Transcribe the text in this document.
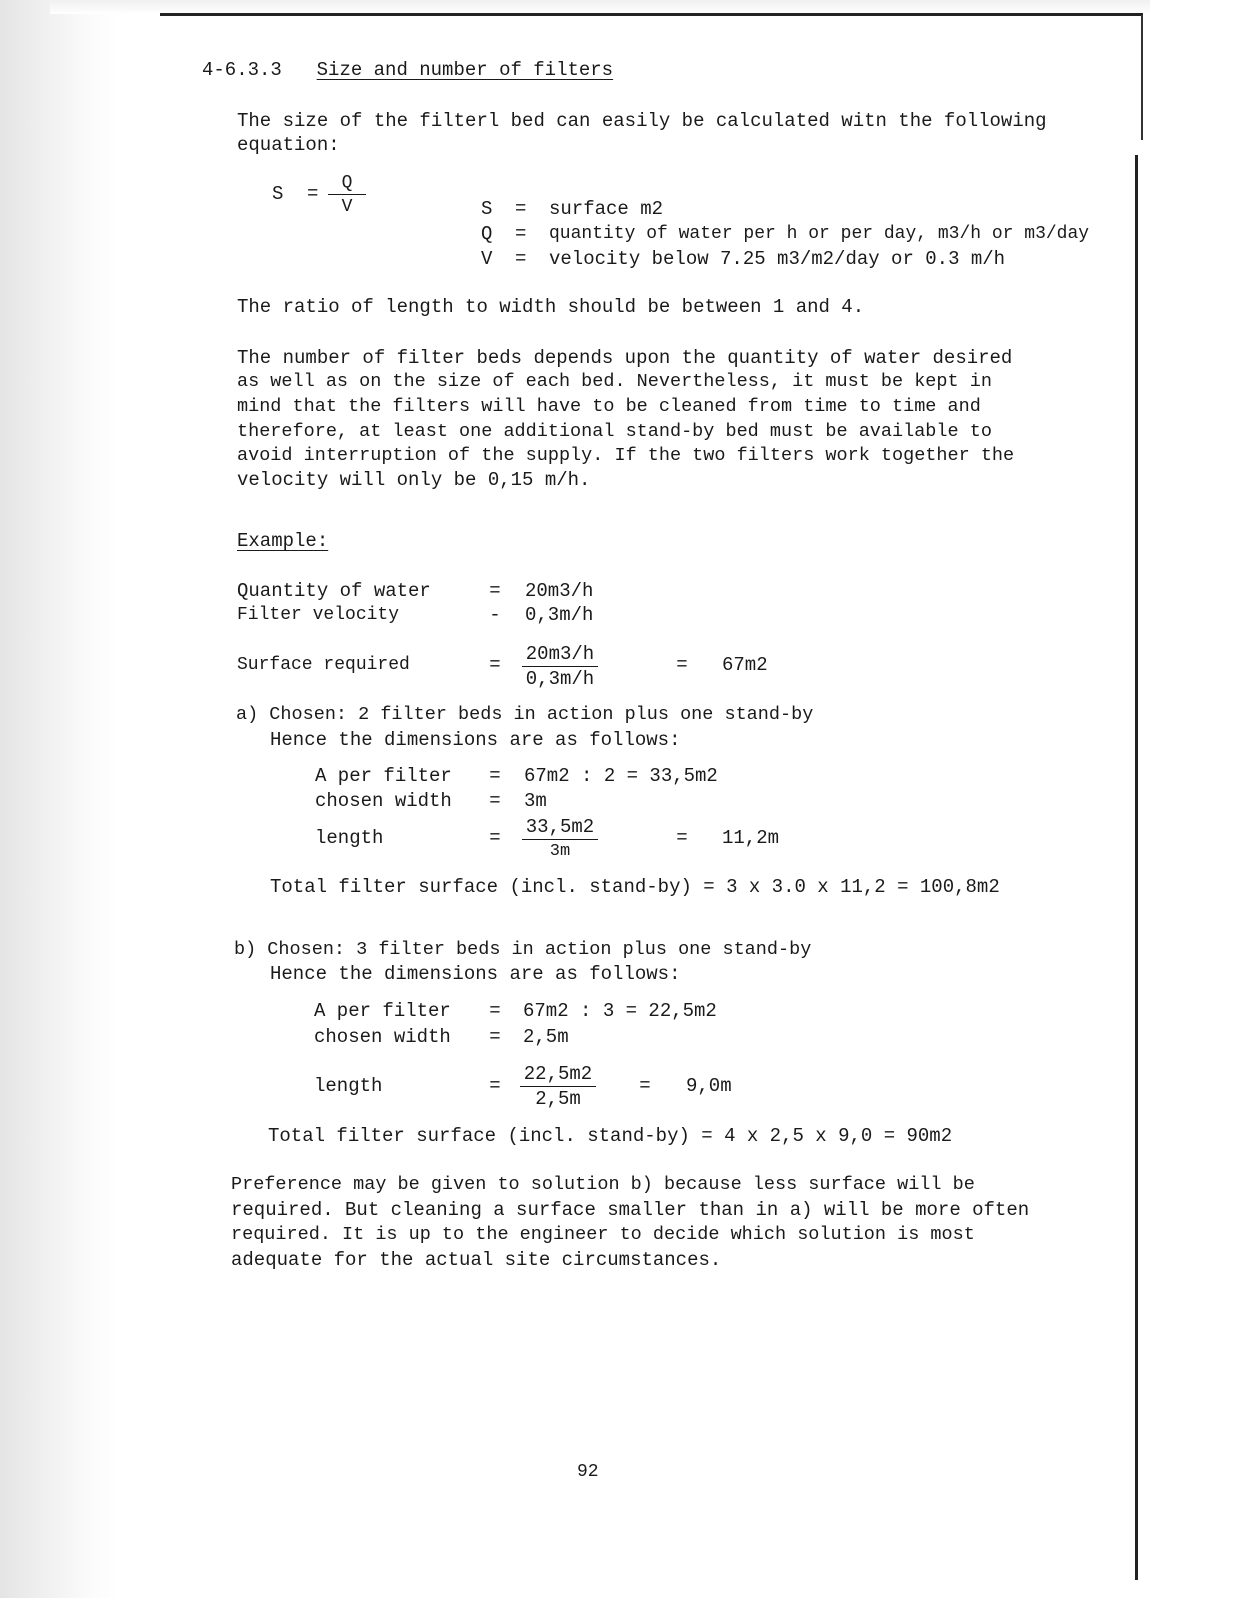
4-6.3.3 Size and number of filters
The size of the filterl bed can easily be calculated witn the following
equation:
$S = \frac{Q}{V}$	S = surface m2
Q = quantity of water per h or per day, m3/h or m3/day
V = velocity below 7.25 m3/m2/day or 0.3 m/h
The ratio of length to width should be between 1 and 4.
The number of filter beds depends upon the quantity of water desired
as well as on the size of each bed. Nevertheless, it must be kept in
mind that the filters will have to be cleaned from time to time and
therefore, at least one additional stand-by bed must be available to
avoid interruption of the supply. If the two filters work together the
velocity will only be 0,15 m/h.
Example:
Quantity of water	= 20m3/h
Filter velocity	- 0,3m/h
Surface required	= $\frac{20m3/h}{0,3m/h}$	= 67m2
a) Chosen: 2 filter beds in action plus one stand-by
Hence the dimensions are as follows:
A per filter = 67m2 : 2 = 33,5m2
chosen width = 3m
length	= $\frac{33,5m2}{3m}$	= 11,2m
Total filter surface (incl. stand-by) = 3 x 3.0 x 11,2 = 100,8m2
b) Chosen: 3 filter beds in action plus one stand-by
Hence the dimensions are as follows:
A per filter = 67m2 : 3 = 22,5m2
chosen width = 2,5m
length	= $\frac{22,5m2}{2,5m} = 9,0m$
Total filter surface (incl. stand-by) = 4 x 2,5 x 9,0 = 90m2
Preference may be given to solution b) because less surface will be
required. But cleaning a surface smaller than in a) will be more often
required. It is up to the engineer to decide which solution is most
adequate for the actual site circumstances.
92
